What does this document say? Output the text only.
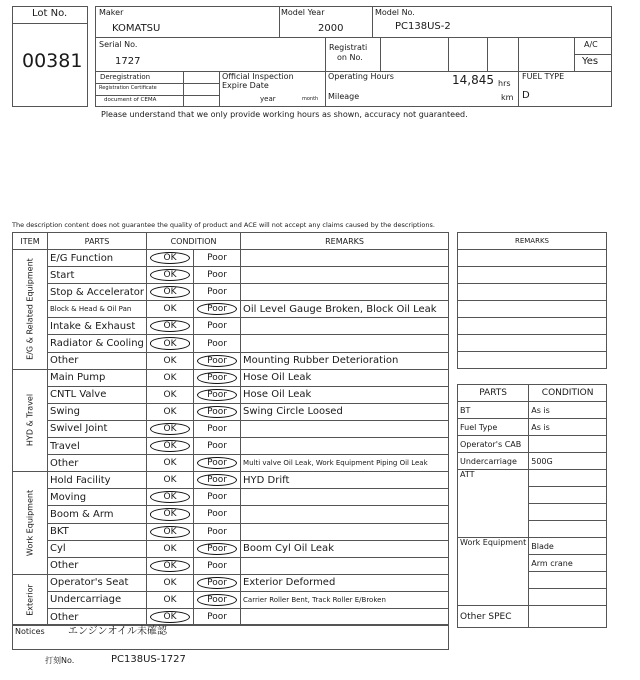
Lot No.
00381
Maker
KOMATSU
Model Year
2000
Model No.
PC138US-2
Serial No.
1727
Registrati
on No.
A/C
Yes
Deregistration
Registration Certificate
document of CEMA
Official Inspection
Expire Date
year	month
Operating Hours	14,845 hrs
Mileage	km
FUEL TYPE
D
Please understand that we only provide working hours as shown, accuracy not guaranteed.
The description content does not guarantee the quality of product and ACE will not accept any claims caused by the descriptions.
ITEM	PARTS	CONDITION		REMARKS

E/G & Related Equipment	E/G Function	OK	Poor	
	Start	OK	Poor	
	Stop & Accelerator	OK	Poor	
	Block & Head & Oil Pan	OK	Poor	Oil Level Gauge Broken, Block Oil Leak
	Intake & Exhaust	OK	Poor	
	Radiator & Cooling	OK	Poor	
	Other	OK	Poor	Mounting Rubber Deterioration

HYD & Travel	Main Pump	OK	Poor	Hose Oil Leak
	CNTL Valve	OK	Poor	Hose Oil Leak
	Swing	OK	Poor	Swing Circle Loosed
	Swivel Joint	OK	Poor	
	Travel	OK	Poor	
	Other	OK	Poor	Multi valve Oil Leak, Work Equipment Piping Oil Leak

Work Equipment	Hold Facility	OK	Poor	HYD Drift
	Moving	OK	Poor	
	Boom & Arm	OK	Poor	
	BKT	OK	Poor	
	Cyl	OK	Poor	Boom Cyl Oil Leak
	Other	OK	Poor	

Exterior	Operator's Seat	OK	Poor	Exterior Deformed
	Undercarriage	OK	Poor	Carrier Roller Bent, Track Roller E/Broken
	Other	OK	Poor	
REMARKS

PARTS	CONDITION
BT	As is
Fuel Type	As is
Operator's CAB	
Undercarriage	500G
ATT	

Work Equipment	Blade
	Arm crane

Other SPEC	
Notices エンジンオイル未確認
打刻No.	PC138US-1727
